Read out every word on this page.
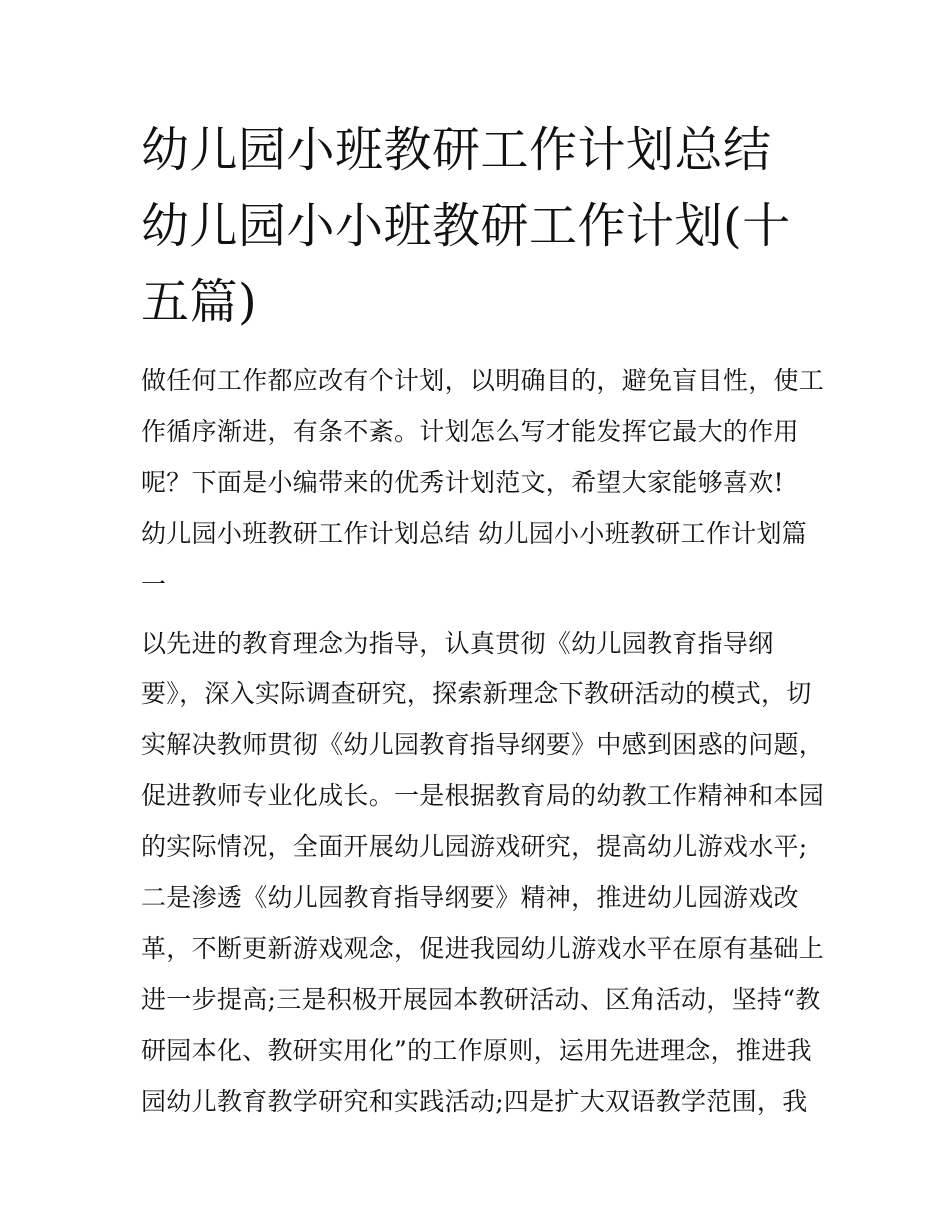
幼儿园小班教研工作计划总结
幼儿园小小班教研工作计划(十
五篇)
做任何工作都应改有个计划，以明确目的，避免盲目性，使工
作循序渐进，有条不紊。计划怎么写才能发挥它最大的作用
呢？下面是小编带来的优秀计划范文，希望大家能够喜欢!
幼儿园小班教研工作计划总结 幼儿园小小班教研工作计划篇
一
以先进的教育理念为指导，认真贯彻《幼儿园教育指导纲
要》，深入实际调查研究，探索新理念下教研活动的模式，切
实解决教师贯彻《幼儿园教育指导纲要》中感到困惑的问题，
促进教师专业化成长。一是根据教育局的幼教工作精神和本园
的实际情况，全面开展幼儿园游戏研究，提高幼儿游戏水平;
二是渗透《幼儿园教育指导纲要》精神，推进幼儿园游戏改
革，不断更新游戏观念，促进我园幼儿游戏水平在原有基础上
进一步提高;三是积极开展园本教研活动、区角活动，坚持“教
研园本化、教研实用化”的工作原则，运用先进理念，推进我
园幼儿教育教学研究和实践活动;四是扩大双语教学范围，我
